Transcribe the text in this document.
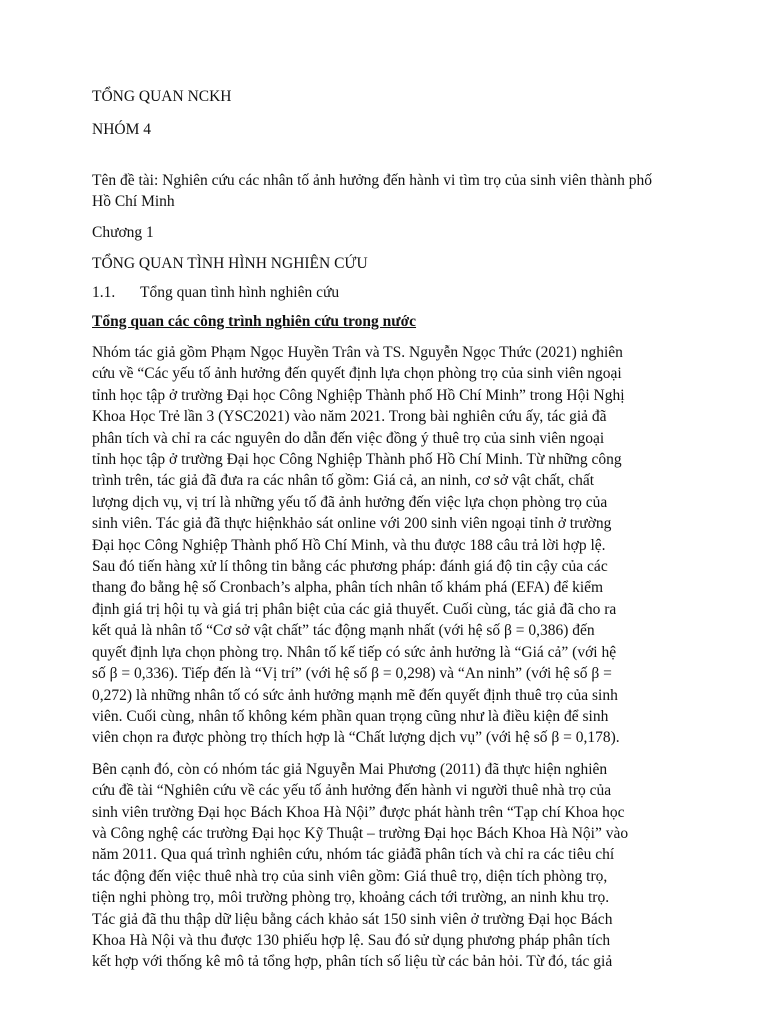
TỔNG QUAN NCKH

NHÓM 4

Tên đề tài: Nghiên cứu các nhân tố ảnh hưởng đến hành vi tìm trọ của sinh viên thành phố Hồ Chí Minh

Chương 1

TỔNG QUAN TÌNH HÌNH NGHIÊN CỨU

1.1.	Tổng quan tình hình nghiên cứu

Tổng quan các công trình nghiên cứu trong nước

Nhóm tác giả gồm Phạm Ngọc Huyền Trân và TS. Nguyễn Ngọc Thức (2021) nghiên
cứu về “Các yếu tố ảnh hưởng đến quyết định lựa chọn phòng trọ của sinh viên ngoại
tỉnh học tập ở trường Đại học Công Nghiệp Thành phố Hồ Chí Minh” trong Hội Nghị
Khoa Học Trẻ lần 3 (YSC2021) vào năm 2021. Trong bài nghiên cứu ấy, tác giả đã
phân tích và chỉ ra các nguyên do dẫn đến việc đồng ý thuê trọ của sinh viên ngoại
tỉnh học tập ở trường Đại học Công Nghiệp Thành phố Hồ Chí Minh. Từ những công
trình trên, tác giả đã đưa ra các nhân tố gồm: Giá cả, an ninh, cơ sở vật chất, chất
lượng dịch vụ, vị trí là những yếu tố đã ảnh hưởng đến việc lựa chọn phòng trọ của
sinh viên. Tác giả đã thực hiệnkhảo sát online với 200 sinh viên ngoại tỉnh ở trường
Đại học Công Nghiệp Thành phố Hồ Chí Minh, và thu được 188 câu trả lời hợp lệ.
Sau đó tiến hàng xử lí thông tin bằng các phương pháp: đánh giá độ tin cậy của các
thang đo bằng hệ số Cronbach’s alpha, phân tích nhân tố khám phá (EFA) để kiểm
định giá trị hội tụ và giá trị phân biệt của các giả thuyết. Cuối cùng, tác giả đã cho ra
kết quả là nhân tố “Cơ sở vật chất” tác động mạnh nhất (với hệ số β = 0,386) đến
quyết định lựa chọn phòng trọ. Nhân tố kế tiếp có sức ảnh hưởng là “Giá cả” (với hệ
số β = 0,336). Tiếp đến là “Vị trí” (với hệ số β = 0,298) và “An ninh” (với hệ số β =
0,272) là những nhân tố có sức ảnh hưởng mạnh mẽ đến quyết định thuê trọ của sinh
viên. Cuối cùng, nhân tố không kém phần quan trọng cũng như là điều kiện để sinh
viên chọn ra được phòng trọ thích hợp là “Chất lượng dịch vụ” (với hệ số β = 0,178).

Bên cạnh đó, còn có nhóm tác giả Nguyễn Mai Phương (2011) đã thực hiện nghiên
cứu đề tài “Nghiên cứu về các yếu tố ảnh hưởng đến hành vi người thuê nhà trọ của
sinh viên trường Đại học Bách Khoa Hà Nội” được phát hành trên “Tạp chí Khoa học
và Công nghệ các trường Đại học Kỹ Thuật – trường Đại học Bách Khoa Hà Nội” vào
năm 2011. Qua quá trình nghiên cứu, nhóm tác giảđã phân tích và chỉ ra các tiêu chí
tác động đến việc thuê nhà trọ của sinh viên gồm: Giá thuê trọ, diện tích phòng trọ,
tiện nghi phòng trọ, môi trường phòng trọ, khoảng cách tới trường, an ninh khu trọ.
Tác giả đã thu thập dữ liệu bằng cách khảo sát 150 sinh viên ở trường Đại học Bách
Khoa Hà Nội và thu được 130 phiếu hợp lệ. Sau đó sử dụng phương pháp phân tích
kết hợp với thống kê mô tả tổng hợp, phân tích số liệu từ các bản hỏi. Từ đó, tác giả
